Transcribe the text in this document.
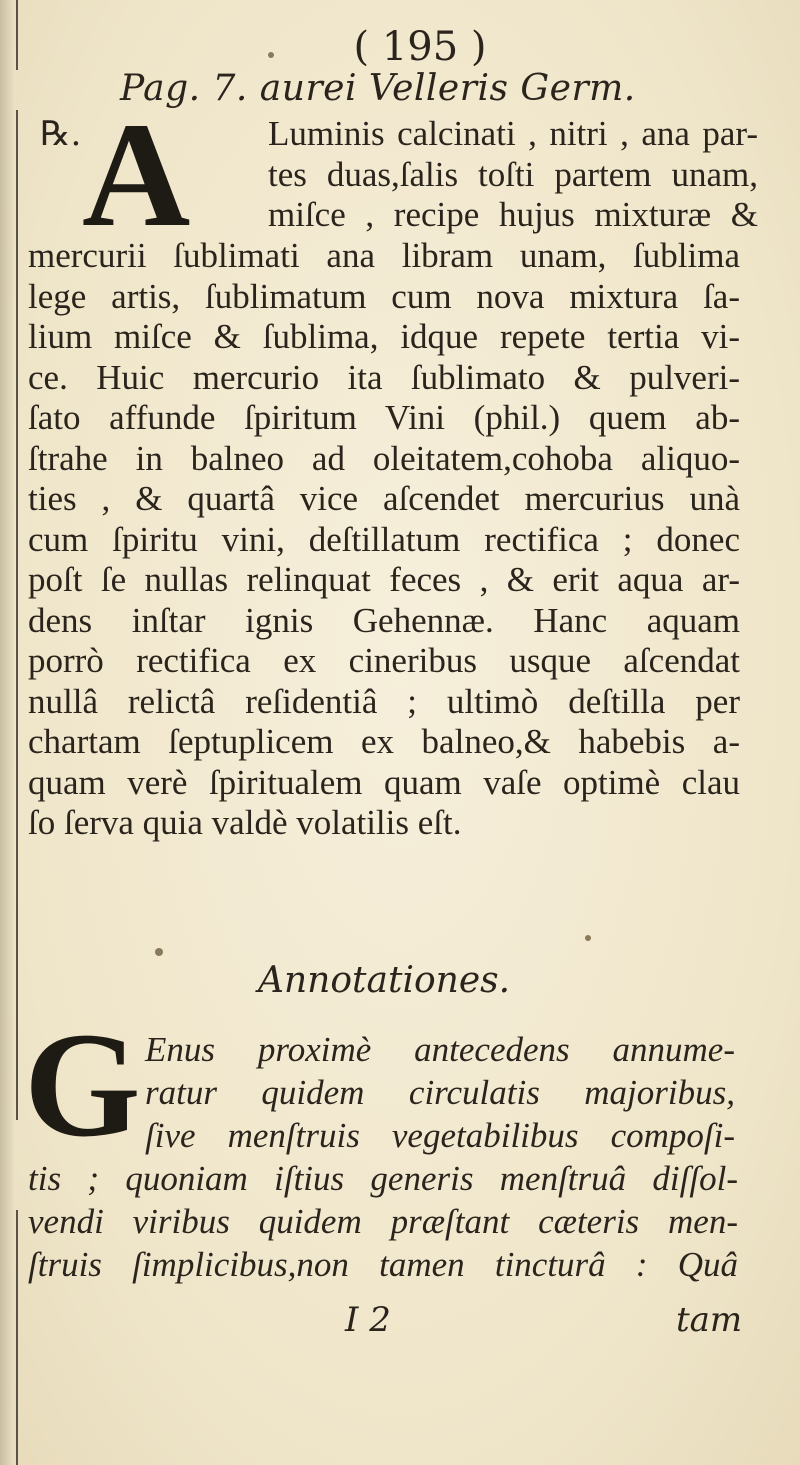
( 195 )
Pag. 7. aurei Velleris Germ.
℞. A Luminis calcinati , nitri , ana par-
tes duas,ſalis toſti partem unam,
miſce , recipe hujus mixturæ &
mercurii ſublimati ana libram unam, ſublima
lege artis, ſublimatum cum nova mixtura ſa-
lium miſce & ſublima, idque repete tertia vi-
ce. Huic mercurio ita ſublimato & pulveri-
ſato affunde ſpiritum Vini (phil.) quem ab-
ſtrahe in balneo ad oleitatem,cohoba aliquo-
ties , & quartâ vice aſcendet mercurius unà
cum ſpiritu vini, deſtillatum rectifica ; donec
poſt ſe nullas relinquat feces , & erit aqua ar-
dens inſtar ignis Gehennæ. Hanc aquam
porrò rectifica ex cineribus usque aſcendat
nullâ relictâ reſidentiâ ; ultimò deſtilla per
chartam ſeptuplicem ex balneo,& habebis a-
quam verè ſpiritualem quam vaſe optimè clau
ſo ſerva quia valdè volatilis eſt.
Annotationes.
G Enus proximè antecedens annume-
ratur quidem circulatis majoribus,
ſive menſtruis vegetabilibus compoſi-
tis ; quoniam iſtius generis menſtruâ diſſol-
vendi viribus quidem præſtant cæteris men-
ſtruis ſimplicibus,non tamen tincturâ : Quâ
I 2	tam
